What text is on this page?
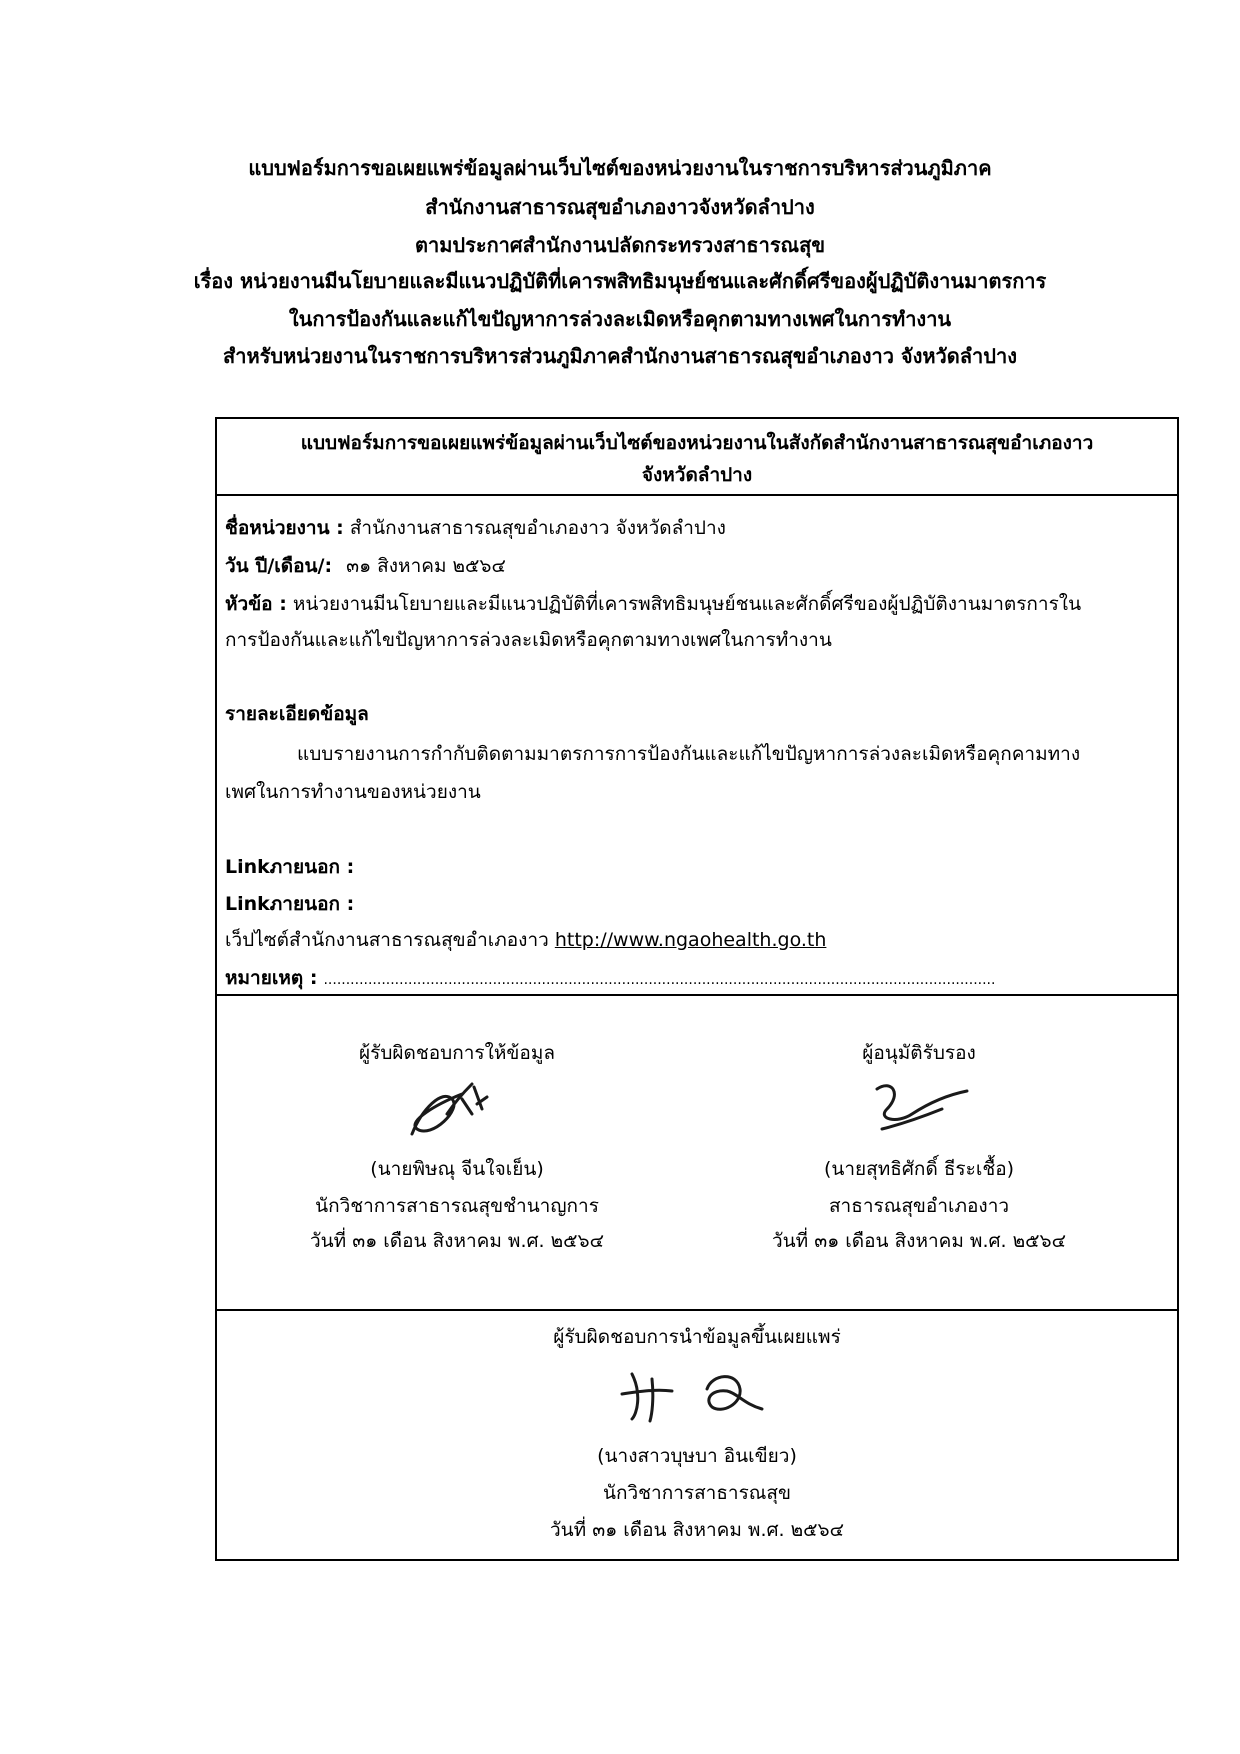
แบบฟอร์มการขอเผยแพร่ข้อมูลผ่านเว็บไซต์ของหน่วยงานในราชการบริหารส่วนภูมิภาค
สำนักงานสาธารณสุขอำเภองาวจังหวัดลำปาง
ตามประกาศสำนักงานปลัดกระทรวงสาธารณสุข
เรื่อง หน่วยงานมีนโยบายและมีแนวปฏิบัติที่เคารพสิทธิมนุษย์ชนและศักดิ์ศรีของผู้ปฏิบัติงานมาตรการ
ในการป้องกันและแก้ไขปัญหาการล่วงละเมิดหรือคุกตามทางเพศในการทำงาน
สำหรับหน่วยงานในราชการบริหารส่วนภูมิภาคสำนักงานสาธารณสุขอำเภองาว จังหวัดลำปาง
แบบฟอร์มการขอเผยแพร่ข้อมูลผ่านเว็บไซต์ของหน่วยงานในสังกัดสำนักงานสาธารณสุขอำเภองาว
จังหวัดลำปาง
ชื่อหน่วยงาน : สำนักงานสาธารณสุขอำเภองาว จังหวัดลำปาง
วัน ปี/เดือน/: ๓๑ สิงหาคม ๒๕๖๔
หัวข้อ : หน่วยงานมีนโยบายและมีแนวปฏิบัติที่เคารพสิทธิมนุษย์ชนและศักดิ์ศรีของผู้ปฏิบัติงานมาตรการใน
การป้องกันและแก้ไขปัญหาการล่วงละเมิดหรือคุกตามทางเพศในการทำงาน
รายละเอียดข้อมูล
แบบรายงานการกำกับติดตามมาตรการการป้องกันและแก้ไขปัญหาการล่วงละเมิดหรือคุกคามทาง
เพศในการทำงานของหน่วยงาน
Linkภายนอก :
Linkภายนอก :
เว็ปไซต์สำนักงานสาธารณสุขอำเภองาว http://www.ngaohealth.go.th
หมายเหตุ : .......................................................................................................................................................
ผู้รับผิดชอบการให้ข้อมูล
(นายพิษณุ จีนใจเย็น)
นักวิชาการสาธารณสุขชำนาญการ
วันที่ ๓๑ เดือน สิงหาคม พ.ศ. ๒๕๖๔
ผู้อนุมัติรับรอง
(นายสุทธิศักดิ์ ธีระเชื้อ)
สาธารณสุขอำเภองาว
วันที่ ๓๑ เดือน สิงหาคม พ.ศ. ๒๕๖๔
ผู้รับผิดชอบการนำข้อมูลขึ้นเผยแพร่
(นางสาวบุษบา อินเขียว)
นักวิชาการสาธารณสุข
วันที่ ๓๑ เดือน สิงหาคม พ.ศ. ๒๕๖๔
